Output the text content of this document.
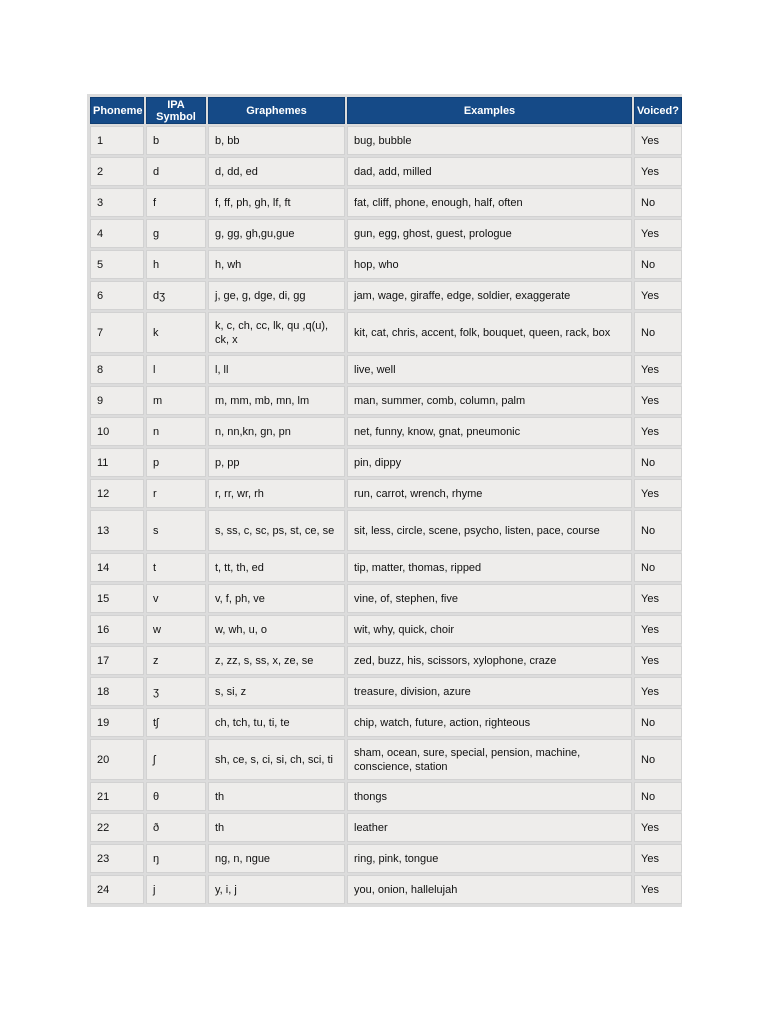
Phoneme	IPA Symbol	Graphemes	Examples	Voiced?
1	b	b, bb	bug, bubble	Yes
2	d	d, dd, ed	dad, add, milled	Yes
3	f	f, ff, ph, gh, lf, ft	fat, cliff, phone, enough, half, often	No
4	g	g, gg, gh,gu,gue	gun, egg, ghost, guest, prologue	Yes
5	h	h, wh	hop, who	No
6	dʒ	j, ge, g, dge, di, gg	jam, wage, giraffe, edge, soldier, exaggerate	Yes
7	k	k, c, ch, cc, lk, qu ,q(u), ck, x	kit, cat, chris, accent, folk, bouquet, queen, rack, box	No
8	l	l, ll	live, well	Yes
9	m	m, mm, mb, mn, lm	man, summer, comb, column, palm	Yes
10	n	n, nn,kn, gn, pn	net, funny, know, gnat, pneumonic	Yes
11	p	p, pp	pin, dippy	No
12	r	r, rr, wr, rh	run, carrot, wrench, rhyme	Yes
13	s	s, ss, c, sc, ps, st, ce, se	sit, less, circle, scene, psycho, listen, pace, course	No
14	t	t, tt, th, ed	tip, matter, thomas, ripped	No
15	v	v, f, ph, ve	vine, of, stephen, five	Yes
16	w	w, wh, u, o	wit, why, quick, choir	Yes
17	z	z, zz, s, ss, x, ze, se	zed, buzz, his, scissors, xylophone, craze	Yes
18	ʒ	s, si, z	treasure, division, azure	Yes
19	tʃ	ch, tch, tu, ti, te	chip, watch, future, action, righteous	No
20	ʃ	sh, ce, s, ci, si, ch, sci, ti	sham, ocean, sure, special, pension, machine, conscience, station	No
21	θ	th	thongs	No
22	ð	th	leather	Yes
23	ŋ	ng, n, ngue	ring, pink, tongue	Yes
24	j	y, i, j	you, onion, hallelujah	Yes
